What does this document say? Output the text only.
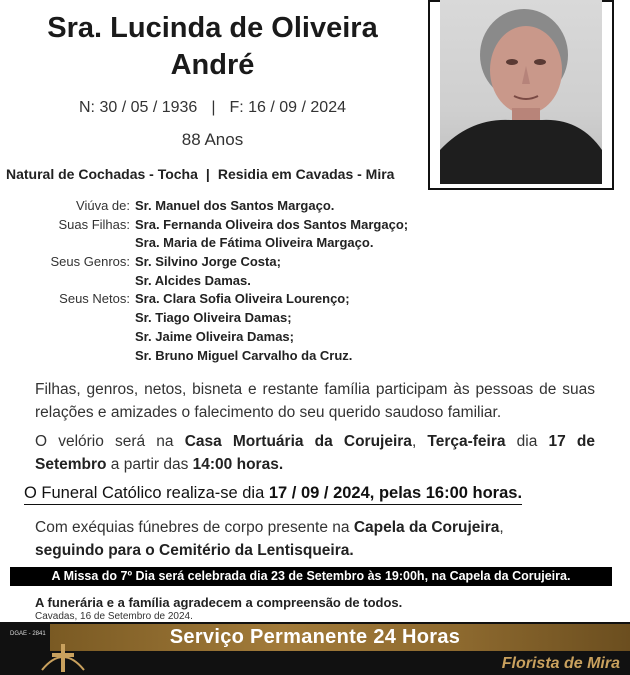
Sra. Lucinda de Oliveira
André
N: 30 / 05 / 1936 | F: 16 / 09 / 2024
88 Anos
Natural de Cochadas - Tocha | Residia em Cavadas - Mira
Viúva de: Sr. Manuel dos Santos Margaço.
Suas Filhas: Sra. Fernanda Oliveira dos Santos Margaço;
Sra. Maria de Fátima Oliveira Margaço.
Seus Genros: Sr. Silvino Jorge Costa;
Sr. Alcides Damas.
Seus Netos: Sra. Clara Sofia Oliveira Lourenço;
Sr. Tiago Oliveira Damas;
Sr. Jaime Oliveira Damas;
Sr. Bruno Miguel Carvalho da Cruz.
Filhas, genros, netos, bisneta e restante família participam às pessoas de suas relações e amizades o falecimento do seu querido saudoso familiar.
O velório será na Casa Mortuária da Corujeira, Terça-feira dia 17 de Setembro a partir das 14:00 horas.
O Funeral Católico realiza-se dia 17 / 09 / 2024, pelas 16:00 horas.
Com exéquias fúnebres de corpo presente na Capela da Corujeira,
seguindo para o Cemitério da Lentisqueira.
A Missa do 7º Dia será celebrada dia 23 de Setembro às 19:00h, na Capela da Corujeira.
A funerária e a família agradecem a compreensão de todos.
Cavadas, 16 de Setembro de 2024.
DGAE - 2841	Serviço Permanente 24 Horas
Florista de Mira
